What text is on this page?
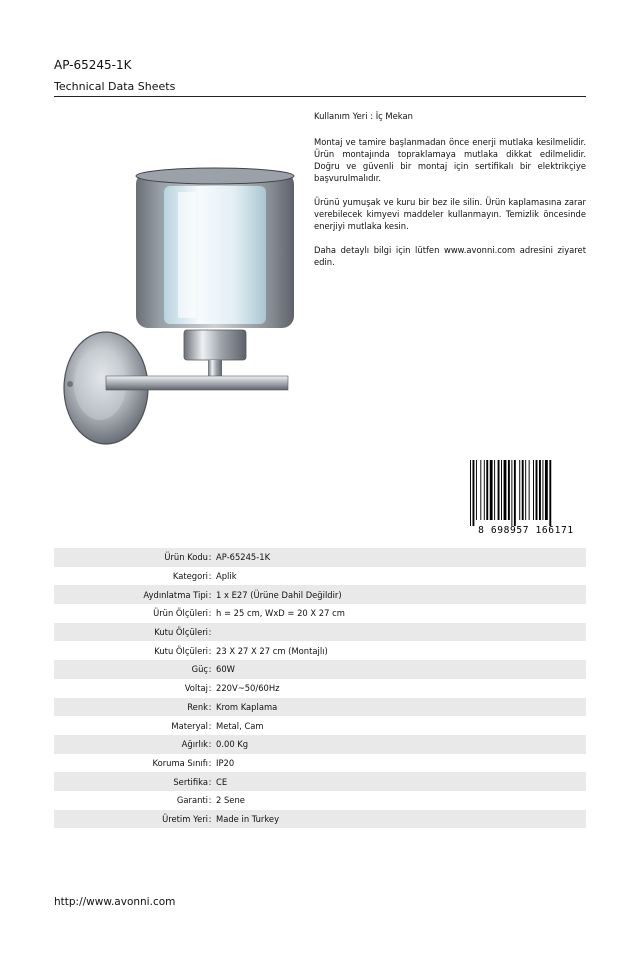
AP-65245-1K
Technical Data Sheets

Kullanım Yeri : İç Mekan

Montaj ve tamire başlanmadan önce enerji mutlaka kesilmelidir. Ürün montajında topraklamaya mutlaka dikkat edilmelidir. Doğru ve güvenli bir montaj için sertifikalı bir elektrikçiye başvurulmalıdır.

Ürünü yumuşak ve kuru bir bez ile silin. Ürün kaplamasına zarar verebilecek kimyevi maddeler kullanmayın. Temizlik öncesinde enerjiyi mutlaka kesin.

Daha detaylı bilgi için lütfen www.avonni.com adresini ziyaret edin.

8 698957 166171
Ürün Kodu : AP-65245-1K
Kategori : Aplik
Aydınlatma Tipi : 1 x E27 (Ürüne Dahil Değildir)
Ürün Ölçüleri : h = 25 cm, WxD = 20 X 27 cm
Kutu Ölçüleri :
Kutu Ölçüleri : 23 X 27 X 27 cm (Montajlı)
Güç : 60W
Voltaj : 220V~50/60Hz
Renk : Krom Kaplama
Materyal : Metal, Cam
Ağırlık : 0.00 Kg
Koruma Sınıfı : IP20
Sertifika : CE
Garanti : 2 Sene
Üretim Yeri : Made in Turkey
http://www.avonni.com
